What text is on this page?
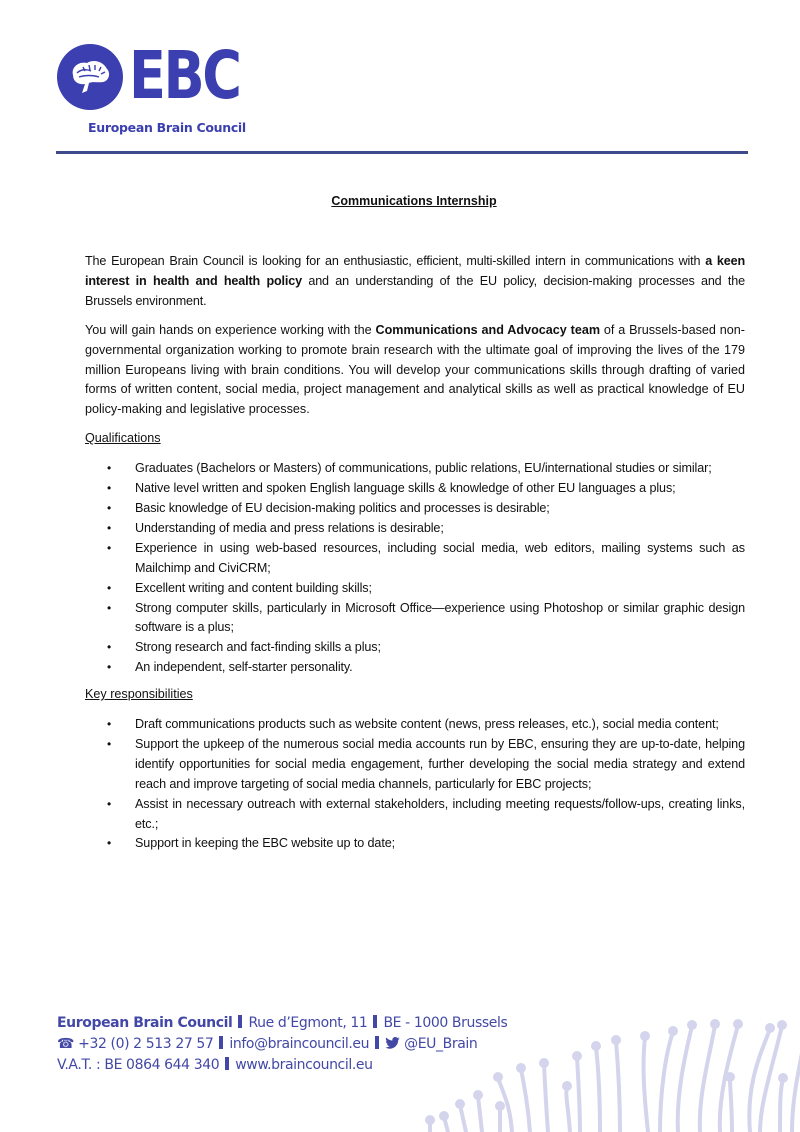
EBC
European Brain Council
Communications Internship

The European Brain Council is looking for an enthusiastic, efficient, multi-skilled intern in communications with a keen interest in health and health policy and an understanding of the EU policy, decision-making processes and the Brussels environment.

You will gain hands on experience working with the Communications and Advocacy team of a Brussels-based non-governmental organization working to promote brain research with the ultimate goal of improving the lives of the 179 million Europeans living with brain conditions. You will develop your communications skills through drafting of varied forms of written content, social media, project management and analytical skills as well as practical knowledge of EU policy-making and legislative processes.

Qualifications
• Graduates (Bachelors or Masters) of communications, public relations, EU/international studies or similar;
• Native level written and spoken English language skills & knowledge of other EU languages a plus;
• Basic knowledge of EU decision-making politics and processes is desirable;
• Understanding of media and press relations is desirable;
• Experience in using web-based resources, including social media, web editors, mailing systems such as Mailchimp and CiviCRM;
• Excellent writing and content building skills;
• Strong computer skills, particularly in Microsoft Office—experience using Photoshop or similar graphic design software is a plus;
• Strong research and fact-finding skills a plus;
• An independent, self-starter personality.
Key responsibilities
• Draft communications products such as website content (news, press releases, etc.), social media content;
• Support the upkeep of the numerous social media accounts run by EBC, ensuring they are up-to-date, helping identify opportunities for social media engagement, further developing the social media strategy and extend reach and improve targeting of social media channels, particularly for EBC projects;
• Assist in necessary outreach with external stakeholders, including meeting requests/follow-ups, creating links, etc.;
• Support in keeping the EBC website up to date;
European Brain Council Rue d’Egmont, 11 BE - 1000 Brussels
☎ +32 (0) 2 513 27 57 info@braincouncil.eu	@EU_Brain
V.A.T. : BE 0864 644 340 www.braincouncil.eu
